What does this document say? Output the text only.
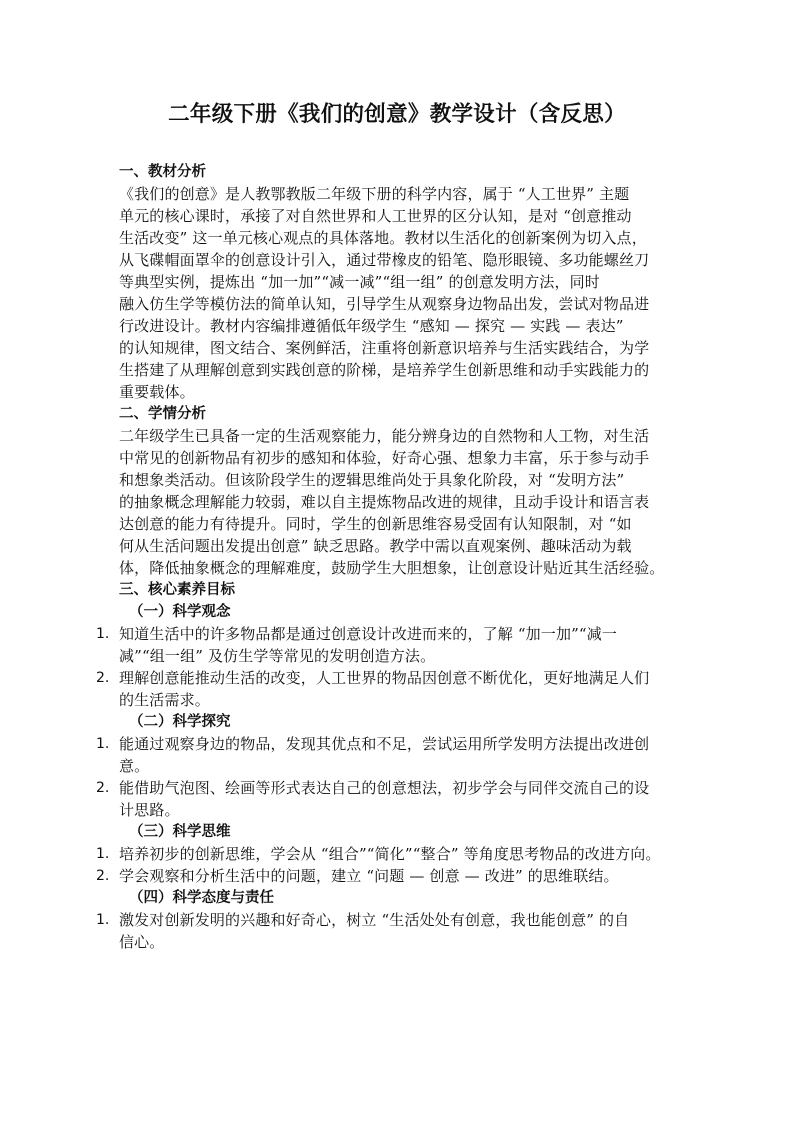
二年级下册《我们的创意》教学设计（含反思）
一、教材分析
《我们的创意》是人教鄂教版二年级下册的科学内容，属于 “人工世界” 主题
单元的核心课时，承接了对自然世界和人工世界的区分认知，是对 “创意推动
生活改变” 这一单元核心观点的具体落地。教材以生活化的创新案例为切入点，
从飞碟帽面罩伞的创意设计引入，通过带橡皮的铅笔、隐形眼镜、多功能螺丝刀
等典型实例，提炼出 “加一加”“减一减”“组一组” 的创意发明方法，同时
融入仿生学等模仿法的简单认知，引导学生从观察身边物品出发，尝试对物品进
行改进设计。教材内容编排遵循低年级学生 “感知 — 探究 — 实践 — 表达”
的认知规律，图文结合、案例鲜活，注重将创新意识培养与生活实践结合，为学
生搭建了从理解创意到实践创意的阶梯，是培养学生创新思维和动手实践能力的
重要载体。
二、学情分析
二年级学生已具备一定的生活观察能力，能分辨身边的自然物和人工物，对生活
中常见的创新物品有初步的感知和体验，好奇心强、想象力丰富，乐于参与动手
和想象类活动。但该阶段学生的逻辑思维尚处于具象化阶段，对 “发明方法”
的抽象概念理解能力较弱，难以自主提炼物品改进的规律，且动手设计和语言表
达创意的能力有待提升。同时，学生的创新思维容易受固有认知限制，对 “如
何从生活问题出发提出创意” 缺乏思路。教学中需以直观案例、趣味活动为载
体，降低抽象概念的理解难度，鼓励学生大胆想象，让创意设计贴近其生活经验。
三、核心素养目标
（一）科学观念
1. 知道生活中的许多物品都是通过创意设计改进而来的，了解 “加一加”“减一
减”“组一组” 及仿生学等常见的发明创造方法。
2. 理解创意能推动生活的改变，人工世界的物品因创意不断优化，更好地满足人们
的生活需求。
（二）科学探究
1. 能通过观察身边的物品，发现其优点和不足，尝试运用所学发明方法提出改进创
意。
2. 能借助气泡图、绘画等形式表达自己的创意想法，初步学会与同伴交流自己的设
计思路。
（三）科学思维
1. 培养初步的创新思维，学会从 “组合”“简化”“整合” 等角度思考物品的改进方向。
2. 学会观察和分析生活中的问题，建立 “问题 — 创意 — 改进” 的思维联结。
（四）科学态度与责任
1. 激发对创新发明的兴趣和好奇心，树立 “生活处处有创意，我也能创意” 的自
信心。
